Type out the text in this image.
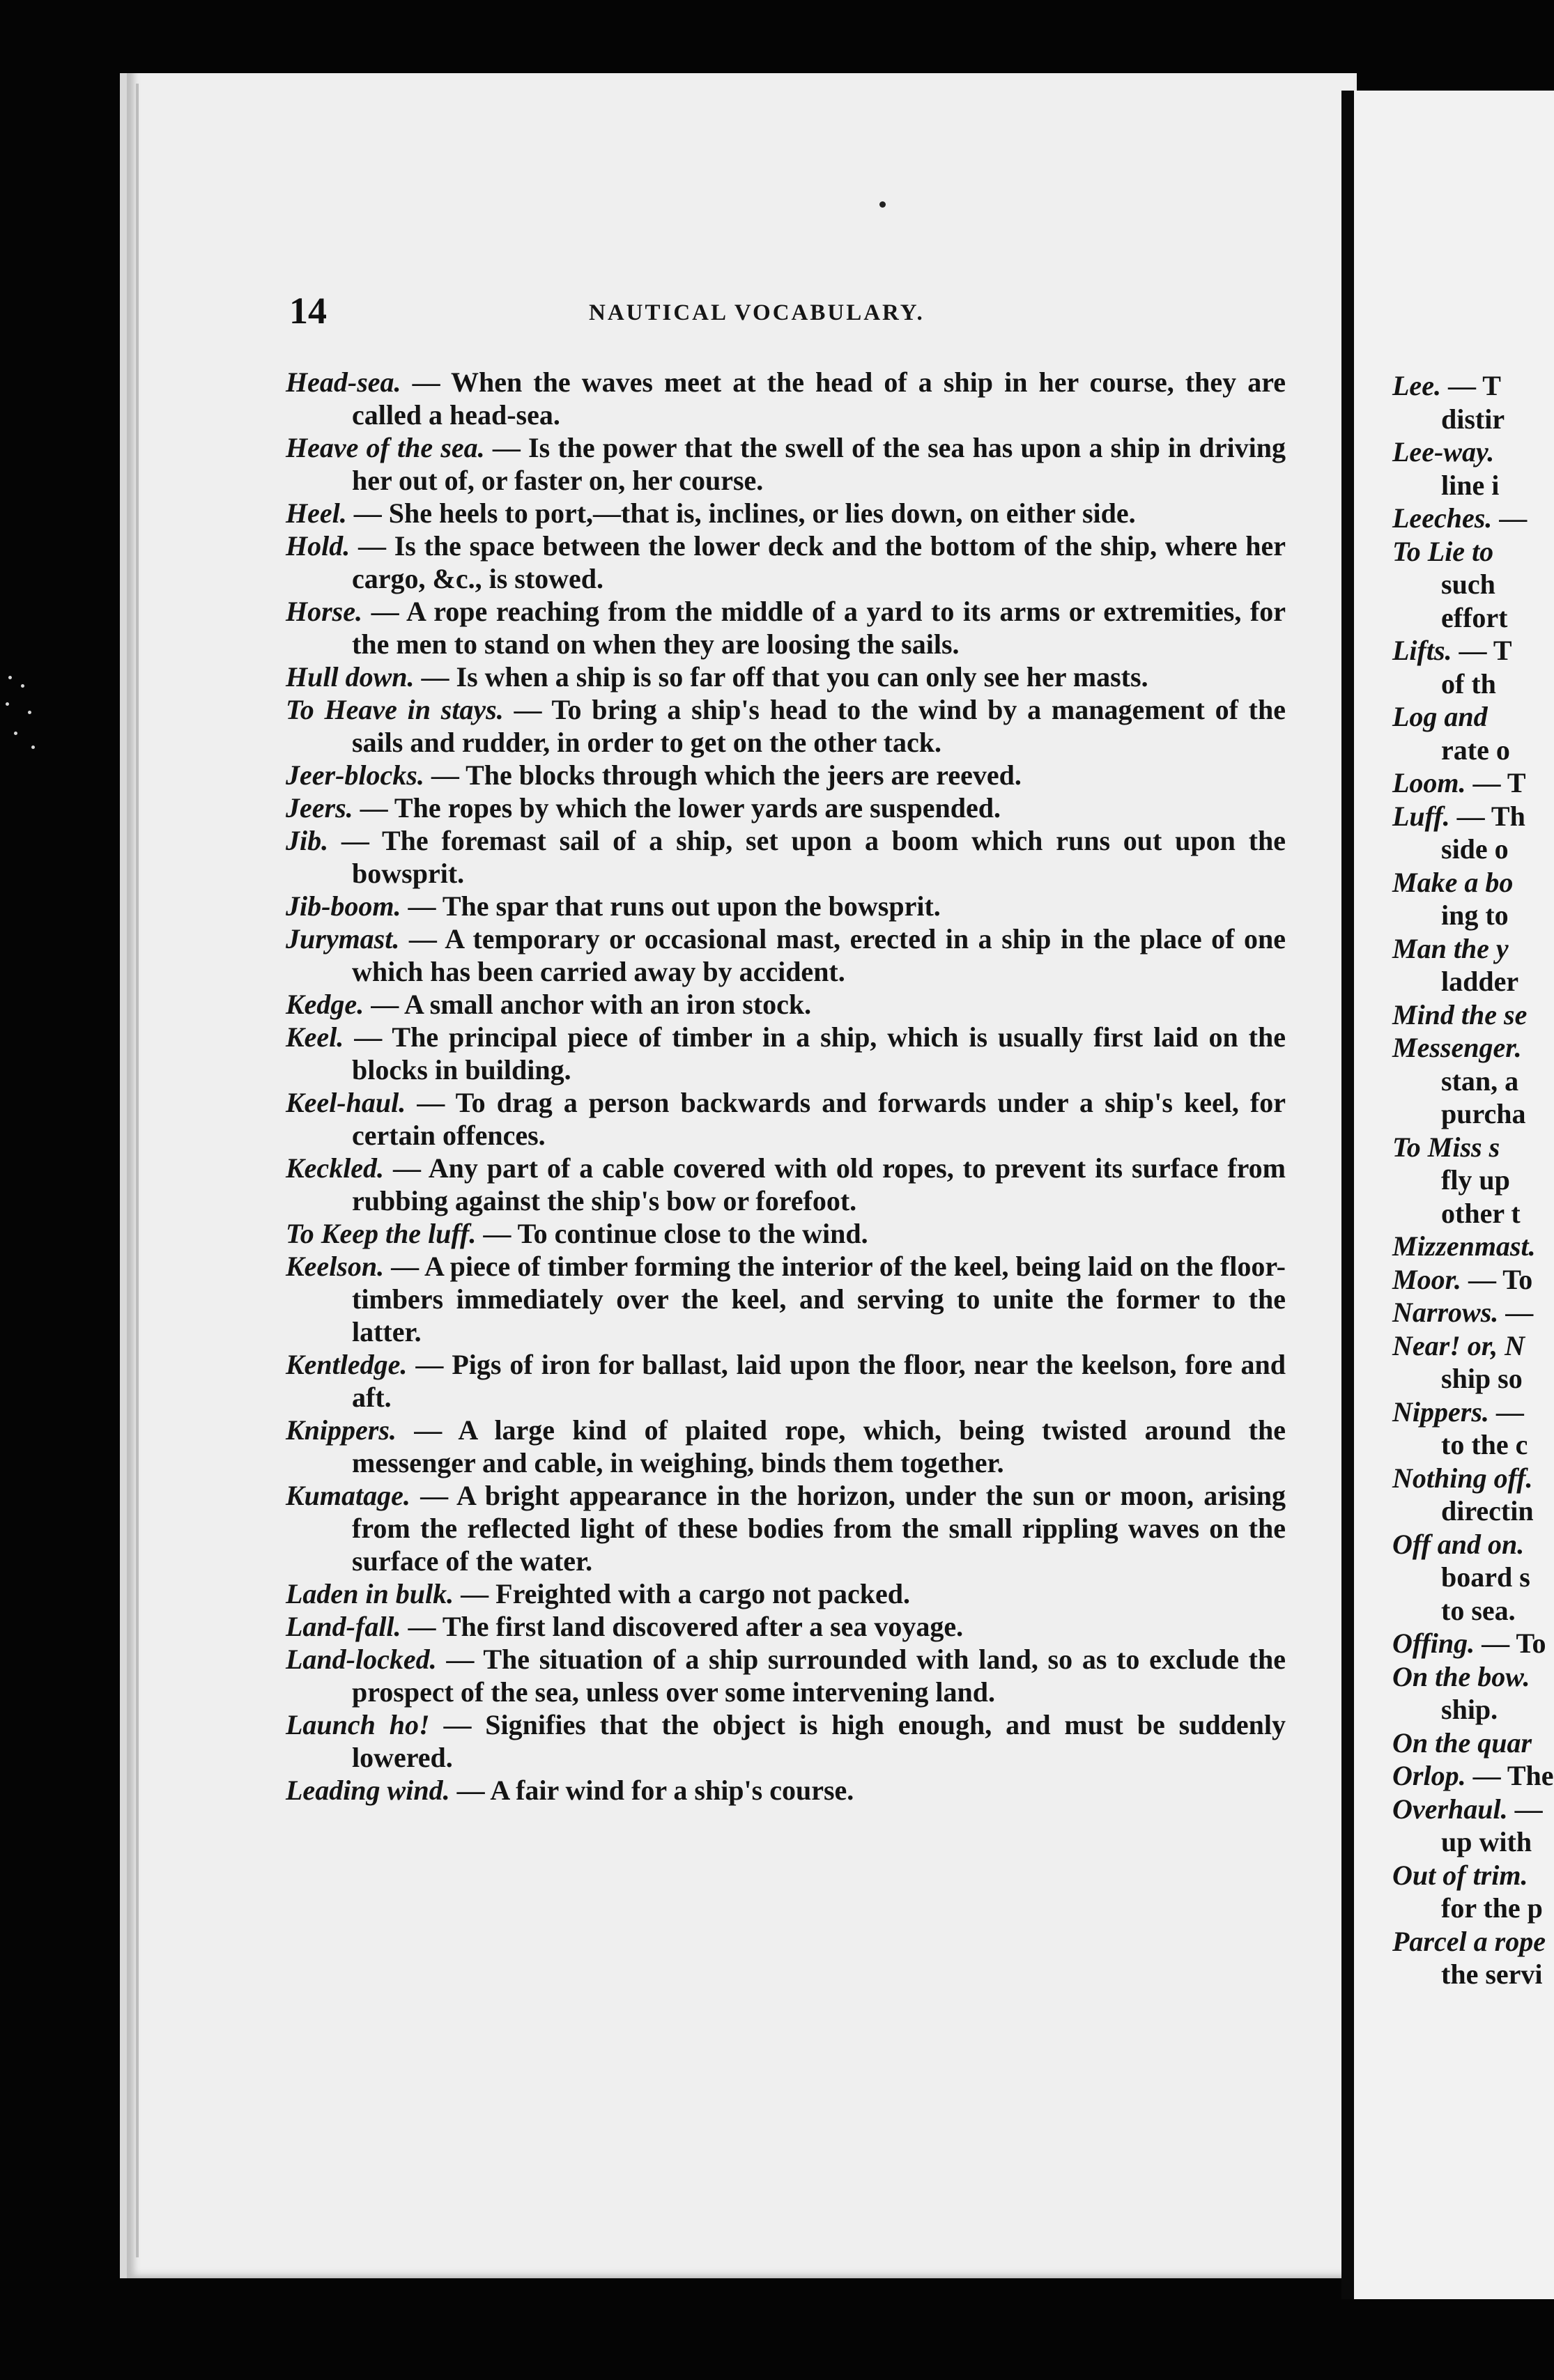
14	NAUTICAL VOCABULARY.
Head-sea. — When the waves meet at the head of a ship in her course, they are called a head-sea.
Heave of the sea. — Is the power that the swell of the sea has upon a ship in driving her out of, or faster on, her course.
Heel. — She heels to port,—that is, inclines, or lies down, on either side.
Hold. — Is the space between the lower deck and the bottom of the ship, where her cargo, &c., is stowed.
Horse. — A rope reaching from the middle of a yard to its arms or extremities, for the men to stand on when they are loosing the sails.
Hull down. — Is when a ship is so far off that you can only see her masts.
To Heave in stays. — To bring a ship's head to the wind by a management of the sails and rudder, in order to get on the other tack.
Jeer-blocks. — The blocks through which the jeers are reeved.
Jeers. — The ropes by which the lower yards are suspended.
Jib. — The foremast sail of a ship, set upon a boom which runs out upon the bowsprit.
Jib-boom. — The spar that runs out upon the bowsprit.
Jurymast. — A temporary or occasional mast, erected in a ship in the place of one which has been carried away by accident.
Kedge. — A small anchor with an iron stock.
Keel. — The principal piece of timber in a ship, which is usually first laid on the blocks in building.
Keel-haul. — To drag a person backwards and forwards under a ship's keel, for certain offences.
Keckled. — Any part of a cable covered with old ropes, to prevent its surface from rubbing against the ship's bow or forefoot.
To Keep the luff. — To continue close to the wind.
Keelson. — A piece of timber forming the interior of the keel, being laid on the floor-timbers immediately over the keel, and serving to unite the former to the latter.
Kentledge. — Pigs of iron for ballast, laid upon the floor, near the keelson, fore and aft.
Knippers. — A large kind of plaited rope, which, being twisted around the messenger and cable, in weighing, binds them together.
Kumatage. — A bright appearance in the horizon, under the sun or moon, arising from the reflected light of these bodies from the small rippling waves on the surface of the water.
Laden in bulk. — Freighted with a cargo not packed.
Land-fall. — The first land discovered after a sea voyage.
Land-locked. — The situation of a ship surrounded with land, so as to exclude the prospect of the sea, unless over some intervening land.
Launch ho! — Signifies that the object is high enough, and must be suddenly lowered.
Leading wind. — A fair wind for a ship's course.
Lee. — T
distir
Lee-way.
line i
Leeches. —
To Lie to
such
effort
Lifts. — T
of th
Log and
rate o
Loom. — T
Luff. — Th
side o
Make a bo
ing to
Man the y
ladder
Mind the se
Messenger.
stan, a
purcha
To Miss s
fly up
other t
Mizzenmast.
Moor. — To
Narrows. —
Near! or, N
ship so
Nippers. —
to the c
Nothing off.
directin
Off and on.
board s
to sea.
Offing. — To
On the bow.
ship.
On the quar
Orlop. — The
Overhaul. —
up with
Out of trim.
for the p
Parcel a rope
the servi
